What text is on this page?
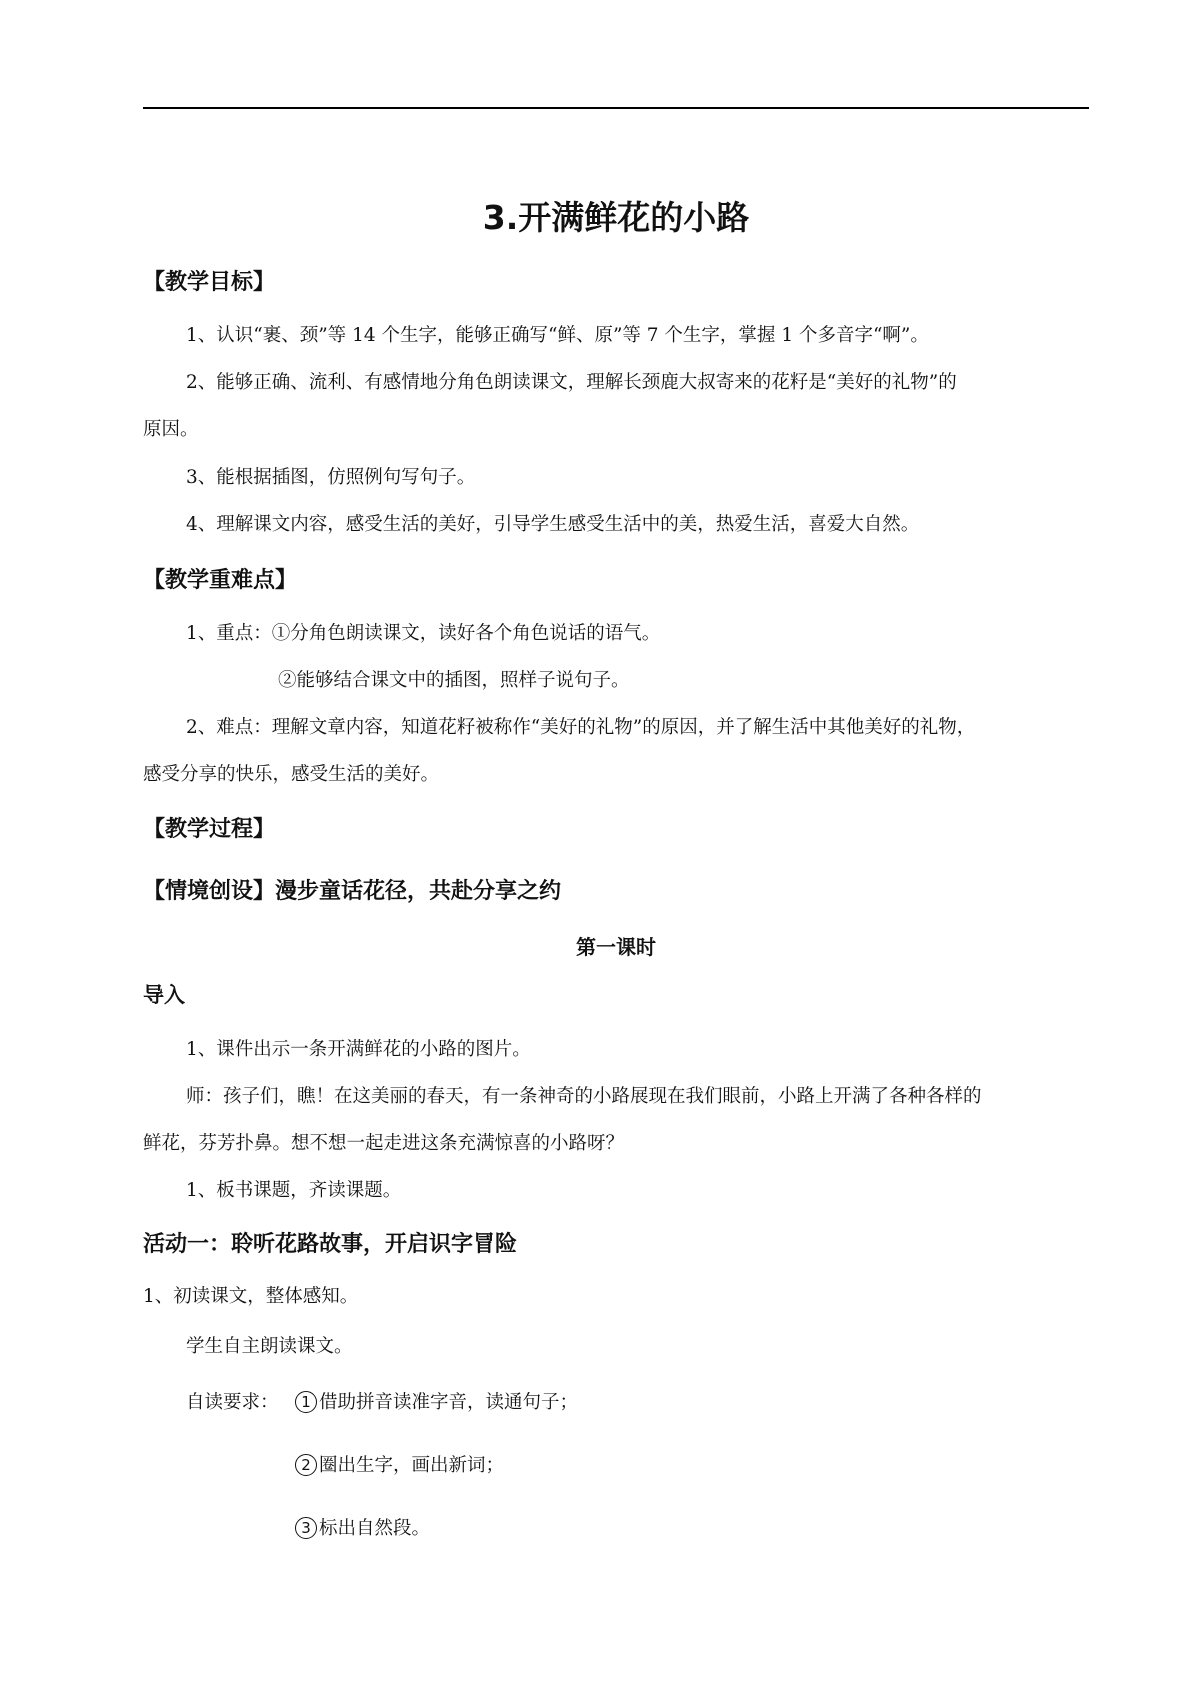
3.开满鲜花的小路
【教学目标】
1、认识“裹、颈”等 14 个生字，能够正确写“鲜、原”等 7 个生字，掌握 1 个多音字“啊”。
2、能够正确、流利、有感情地分角色朗读课文，理解长颈鹿大叔寄来的花籽是“美好的礼物”的
原因。
3、能根据插图，仿照例句写句子。
4、理解课文内容，感受生活的美好，引导学生感受生活中的美，热爱生活，喜爱大自然。
【教学重难点】
1、重点：①分角色朗读课文，读好各个角色说话的语气。
②能够结合课文中的插图，照样子说句子。
2、难点：理解文章内容，知道花籽被称作“美好的礼物”的原因，并了解生活中其他美好的礼物，
感受分享的快乐，感受生活的美好。
【教学过程】
【情境创设】漫步童话花径，共赴分享之约
第一课时
导入
1、课件出示一条开满鲜花的小路的图片。
师：孩子们，瞧！在这美丽的春天，有一条神奇的小路展现在我们眼前，小路上开满了各种各样的
鲜花，芬芳扑鼻。想不想一起走进这条充满惊喜的小路呀？
1、板书课题，齐读课题。
活动一：聆听花路故事，开启识字冒险
1、初读课文，整体感知。
学生自主朗读课文。
自读要求：	1 借助拼音读准字音，读通句子；
2 圈出生字，画出新词；
3 标出自然段。
